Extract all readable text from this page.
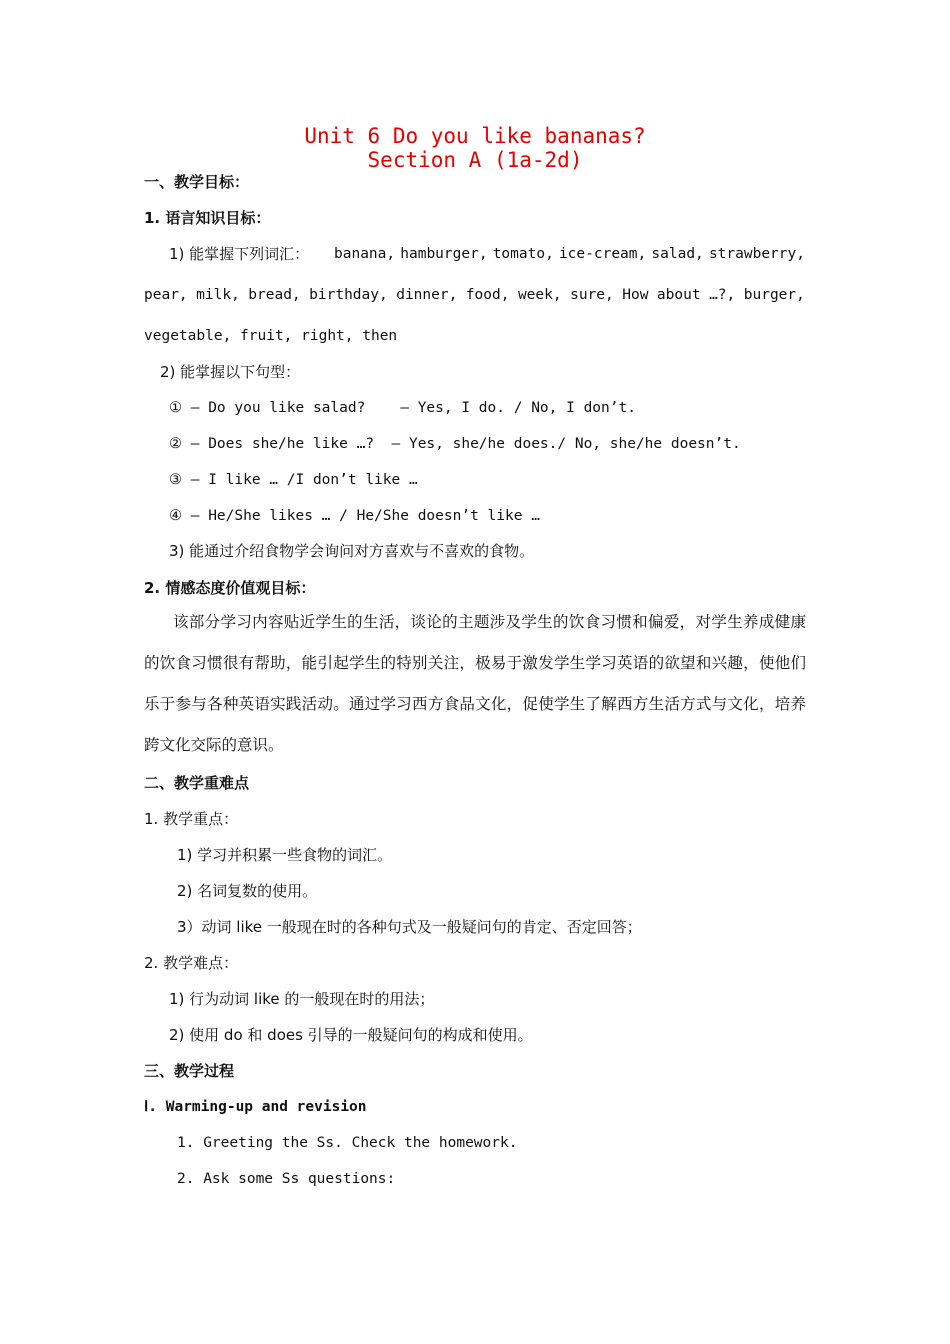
Unit 6 Do you like bananas?
Section A (1a-2d)
一、教学目标：
1. 语言知识目标：
1) 能掌握下列词汇： banana, hamburger, tomato, ice-cream, salad, strawberry,
pear, milk, bread, birthday, dinner, food, week, sure, How about …?, burger,
vegetable, fruit, right, then
2) 能掌握以下句型：
① — Do you like salad?    — Yes, I do. / No, I don’t.
② — Does she/he like …?  — Yes, she/he does./ No, she/he doesn’t.
③ — I like … /I don’t like …
④ — He/She likes … / He/She doesn’t like …
3) 能通过介绍食物学会询问对方喜欢与不喜欢的食物。
2. 情感态度价值观目标：
该部分学习内容贴近学生的生活，谈论的主题涉及学生的饮食习惯和偏爱，对学生养成健康的饮食习惯很有帮助，能引起学生的特别关注，极易于激发学生学习英语的欲望和兴趣，使他们乐于参与各种英语实践活动。通过学习西方食品文化，促使学生了解西方生活方式与文化，培养跨文化交际的意识。
二、教学重难点
1. 教学重点：
1) 学习并积累一些食物的词汇。
2) 名词复数的使用。
3）动词 like 一般现在时的各种句式及一般疑问句的肯定、否定回答；
2. 教学难点：
1) 行为动词 like 的一般现在时的用法；
2) 使用 do 和 does 引导的一般疑问句的构成和使用。
三、教学过程
Ⅰ. Warming-up and revision
1. Greeting the Ss. Check the homework.
2. Ask some Ss questions:
